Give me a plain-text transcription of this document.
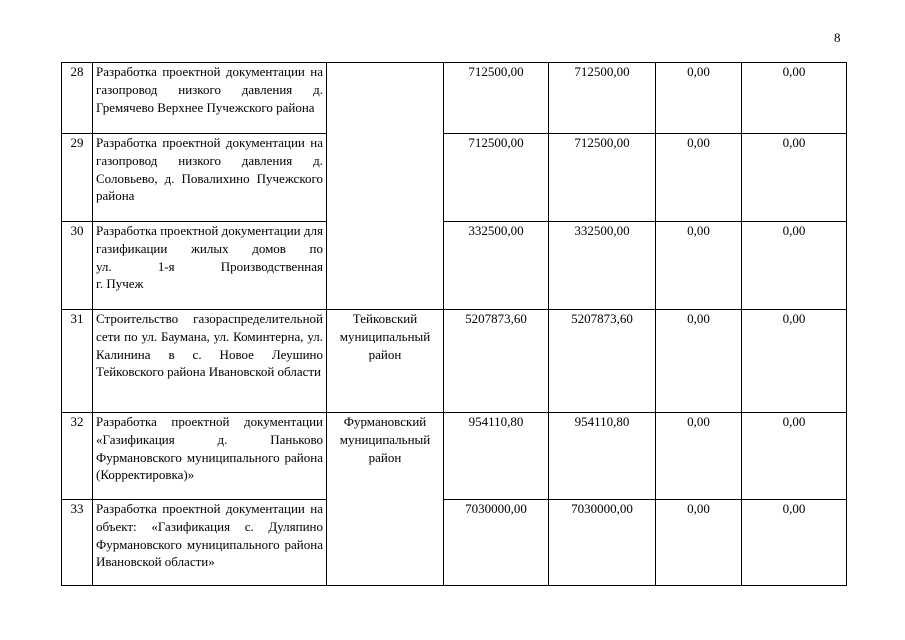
8
28	Разработка проектной документации на газопровод низкого давления д. Гремячево Верхнее Пучежского района		712500,00	712500,00	0,00	0,00
29	Разработка проектной документации на газопровод низкого давления д. Соловьево, д. Повалихино Пучежского района		712500,00	712500,00	0,00	0,00
30	Разработка проектной документации для газификации жилых домов по
ул. 1-я Производственная
г. Пучеж		332500,00	332500,00	0,00	0,00
31	Строительство газораспределительной сети по ул. Баумана, ул. Коминтерна, ул. Калинина в с. Новое Леушино Тейковского района Ивановской области	Тейковский муниципальный район	5207873,60	5207873,60	0,00	0,00
32	Разработка проектной документации «Газификация д. Паньково Фурмановского муниципального района (Корректировка)»	Фурмановский муниципальный район	954110,80	954110,80	0,00	0,00
33	Разработка проектной документации на объект: «Газификация с. Дуляпино Фурмановского муниципального района Ивановской области»		7030000,00	7030000,00	0,00	0,00
